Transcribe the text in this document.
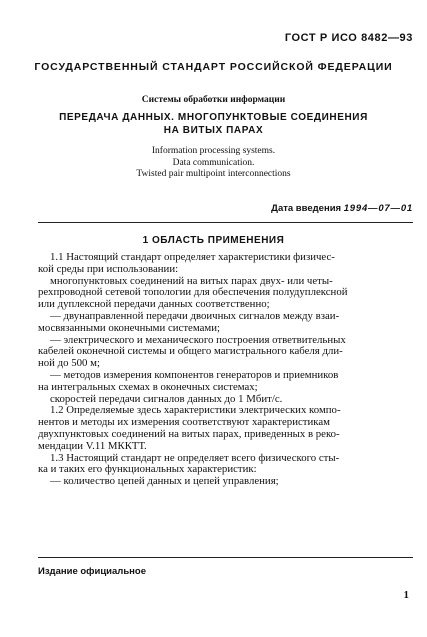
ГОСТ Р ИСО 8482—93
ГОСУДАРСТВЕННЫЙ СТАНДАРТ РОССИЙСКОЙ ФЕДЕРАЦИИ
Системы обработки информации
ПЕРЕДАЧА ДАННЫХ. МНОГОПУНКТОВЫЕ СОЕДИНЕНИЯ
НА ВИТЫХ ПАРАХ
Information processing systems.
Data communication.
Twisted pair multipoint interconnections
Дата введения 1994—07—01
1 ОБЛАСТЬ ПРИМЕНЕНИЯ
1.1 Настоящий стандарт определяет характеристики физичес-
кой среды при использовании:
многопунктовых соединений на витых парах двух- или четы-
рехпроводной сетевой топологии для обеспечения полудуплексной
или дуплексной передачи данных соответственно;
— двунаправленной передачи двоичных сигналов между взаи-
мосвязанными оконечными системами;
— электрического и механического построения ответвительных
кабелей оконечной системы и общего магистрального кабеля дли-
ной до 500 м;
— методов измерения компонентов генераторов и приемников
на интегральных схемах в оконечных системах;
скоростей передачи сигналов данных до 1 Мбит/с.
1.2 Определяемые здесь характеристики электрических компо-
нентов и методы их измерения соответствуют характеристикам
двухпунктовых соединений на витых парах, приведенных в реко-
мендации V.11 МККТТ.
1.3 Настоящий стандарт не определяет всего физического сты-
ка и таких его функциональных характеристик:
— количество цепей данных и цепей управления;
Издание официальное
1
